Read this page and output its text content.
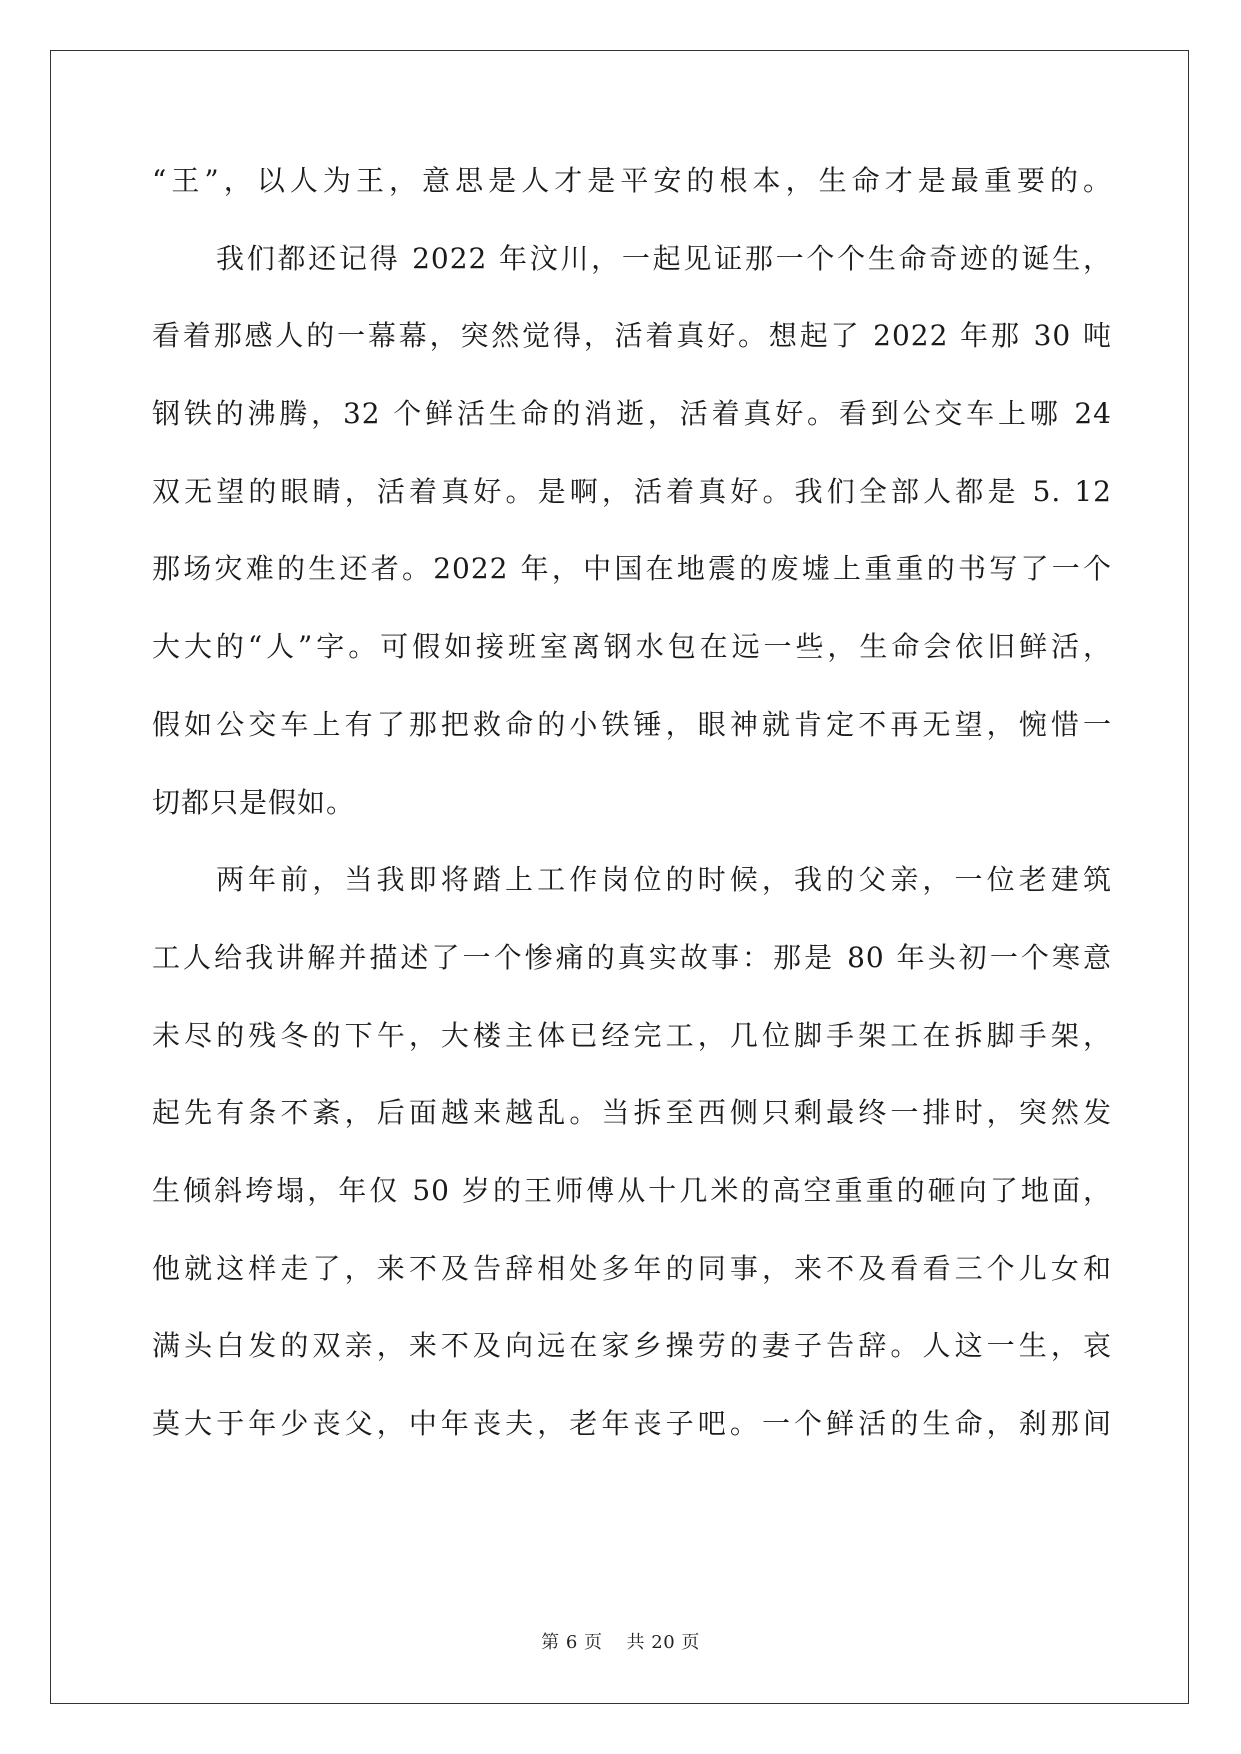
“王”，以人为王，意思是人才是平安的根本，生命才是最重要的。
我们都还记得 2022 年汶川，一起见证那一个个生命奇迹的诞生，
看着那感人的一幕幕，突然觉得，活着真好。想起了 2022 年那 30 吨
钢铁的沸腾，32 个鲜活生命的消逝，活着真好。看到公交车上哪 24
双无望的眼睛，活着真好。是啊，活着真好。我们全部人都是 5. 12
那场灾难的生还者。2022 年，中国在地震的废墟上重重的书写了一个
大大的“人”字。可假如接班室离钢水包在远一些，生命会依旧鲜活，
假如公交车上有了那把救命的小铁锤，眼神就肯定不再无望，惋惜一
切都只是假如。
两年前，当我即将踏上工作岗位的时候，我的父亲，一位老建筑
工人给我讲解并描述了一个惨痛的真实故事：那是 80 年头初一个寒意
未尽的残冬的下午，大楼主体已经完工，几位脚手架工在拆脚手架，
起先有条不紊，后面越来越乱。当拆至西侧只剩最终一排时，突然发
生倾斜垮塌，年仅 50 岁的王师傅从十几米的高空重重的砸向了地面，
他就这样走了，来不及告辞相处多年的同事，来不及看看三个儿女和
满头白发的双亲，来不及向远在家乡操劳的妻子告辞。人这一生，哀
莫大于年少丧父，中年丧夫，老年丧子吧。一个鲜活的生命，刹那间
第 6 页 共 20 页
